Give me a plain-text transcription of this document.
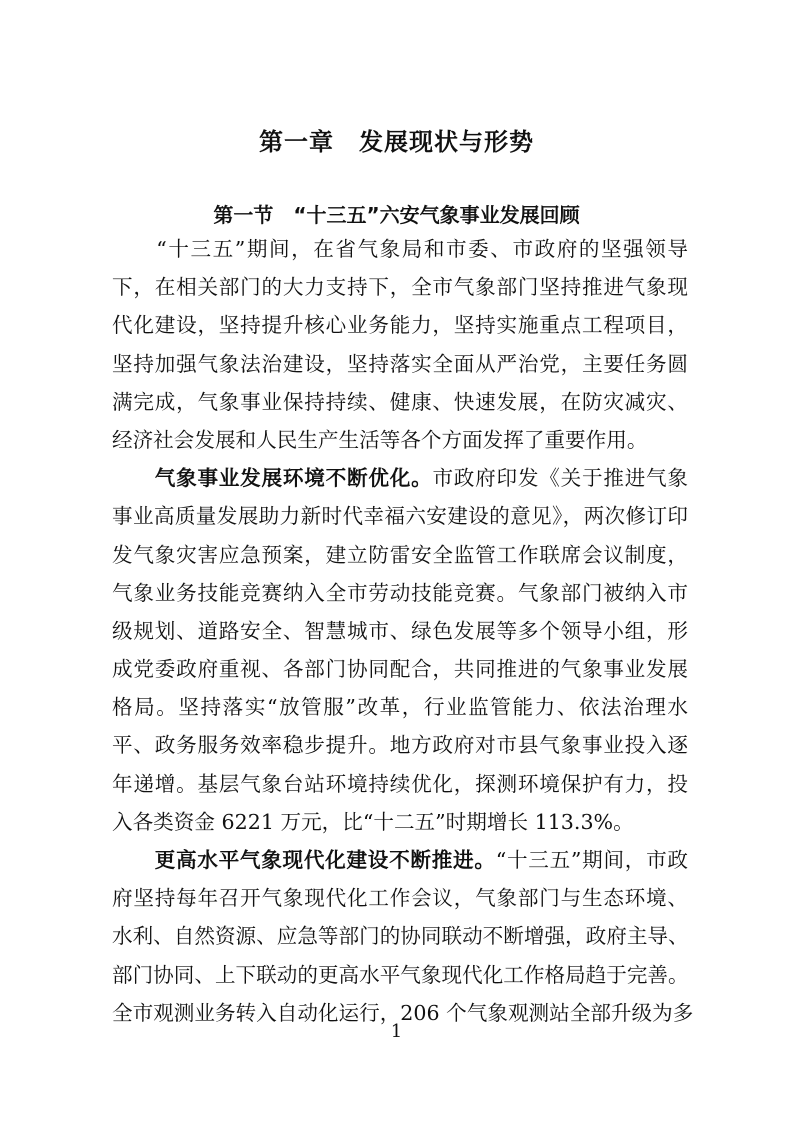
第一章　发展现状与形势
第一节　“十三五”六安气象事业发展回顾
　　“十三五”期间，在省气象局和市委、市政府的坚强领导
下，在相关部门的大力支持下，全市气象部门坚持推进气象现
代化建设，坚持提升核心业务能力，坚持实施重点工程项目，
坚持加强气象法治建设，坚持落实全面从严治党，主要任务圆
满完成，气象事业保持持续、健康、快速发展，在防灾减灾、
经济社会发展和人民生产生活等各个方面发挥了重要作用。
　　气象事业发展环境不断优化。市政府印发《关于推进气象
事业高质量发展助力新时代幸福六安建设的意见》，两次修订印
发气象灾害应急预案，建立防雷安全监管工作联席会议制度，
气象业务技能竞赛纳入全市劳动技能竞赛。气象部门被纳入市
级规划、道路安全、智慧城市、绿色发展等多个领导小组，形
成党委政府重视、各部门协同配合，共同推进的气象事业发展
格局。坚持落实“放管服”改革，行业监管能力、依法治理水
平、政务服务效率稳步提升。地方政府对市县气象事业投入逐
年递增。基层气象台站环境持续优化，探测环境保护有力，投
入各类资金 6221 万元，比“十二五”时期增长 113.3%。
　　更高水平气象现代化建设不断推进。“十三五”期间，市政
府坚持每年召开气象现代化工作会议，气象部门与生态环境、
水利、自然资源、应急等部门的协同联动不断增强，政府主导、
部门协同、上下联动的更高水平气象现代化工作格局趋于完善。
全市观测业务转入自动化运行，206 个气象观测站全部升级为多
1
